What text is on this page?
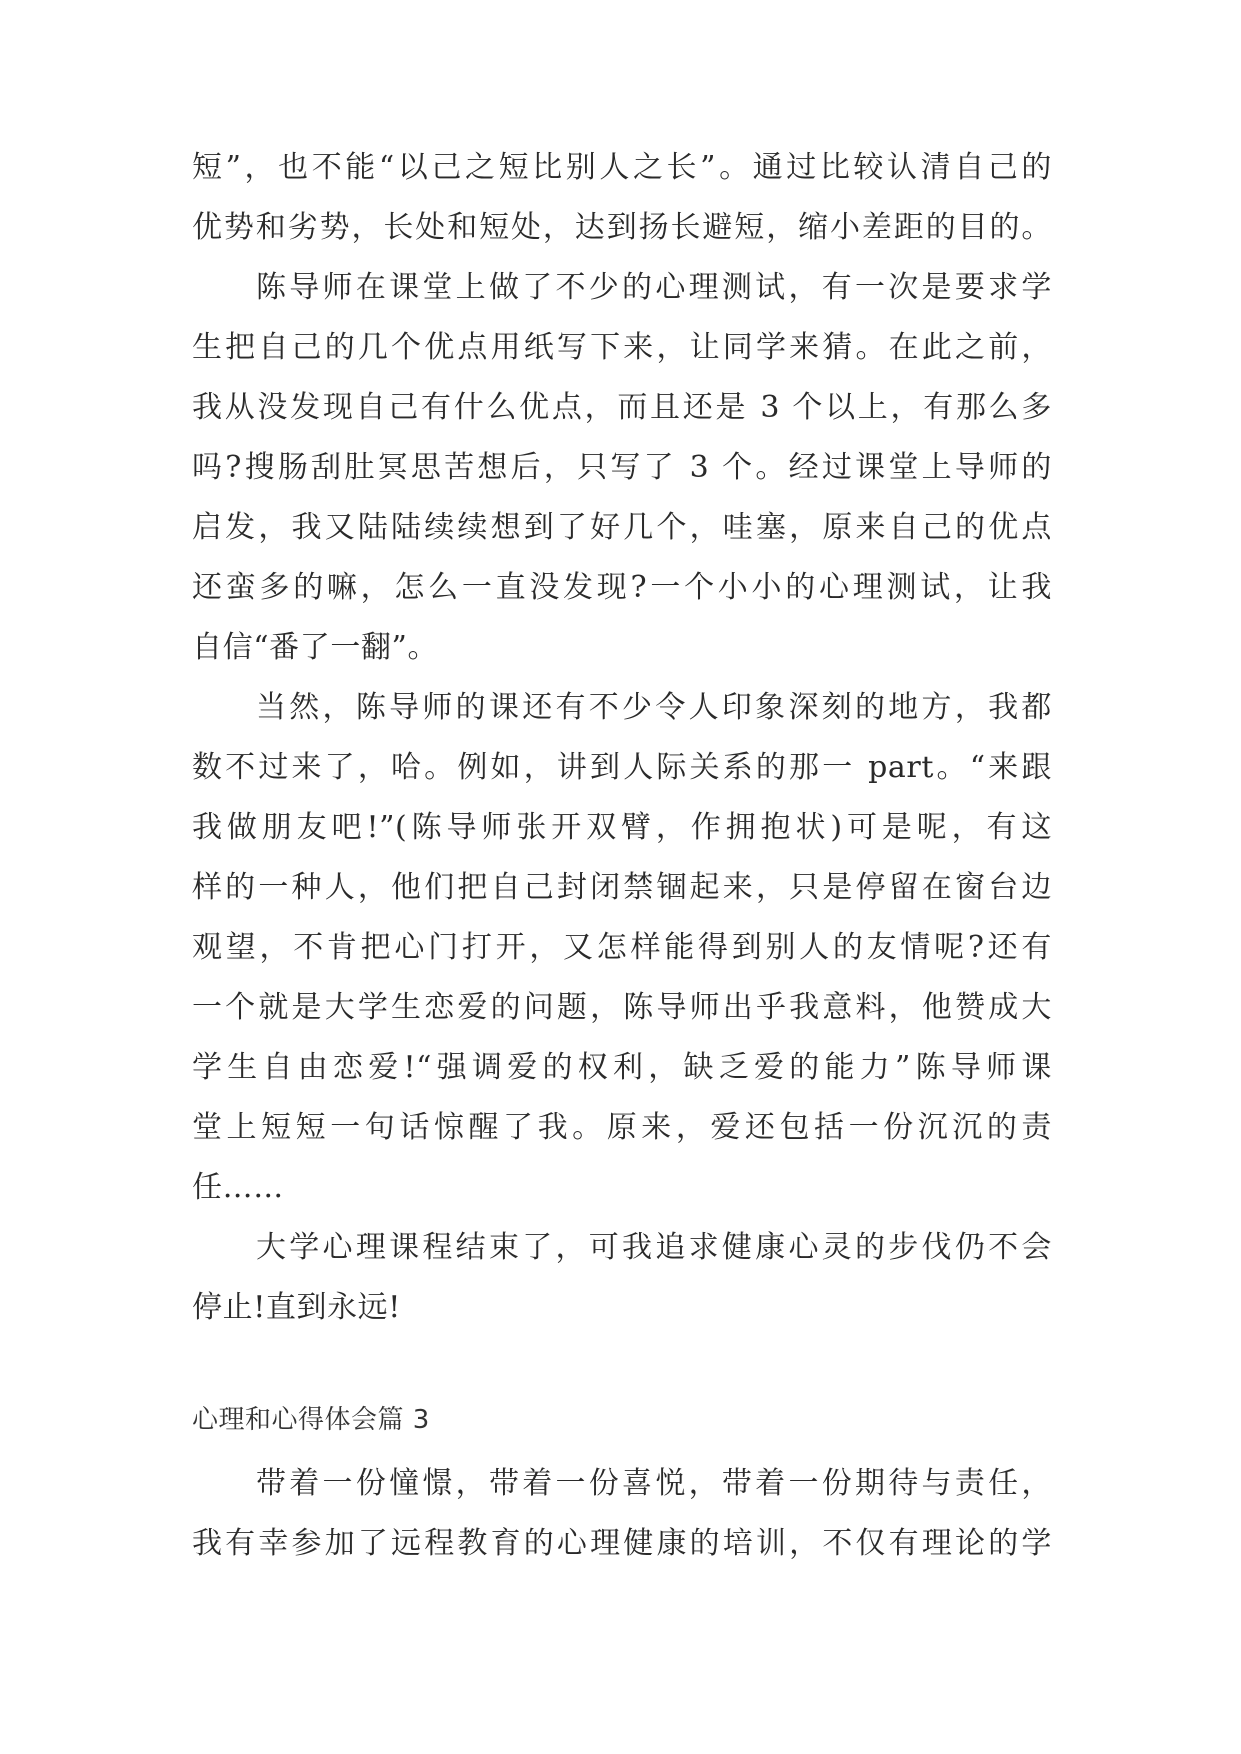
短”，也不能“以己之短比别人之长”。通过比较认清自己的
优势和劣势，长处和短处，达到扬长避短，缩小差距的目的。
陈导师在课堂上做了不少的心理测试，有一次是要求学
生把自己的几个优点用纸写下来，让同学来猜。在此之前，
我从没发现自己有什么优点，而且还是 3 个以上，有那么多
吗?搜肠刮肚冥思苦想后，只写了 3 个。经过课堂上导师的
启发，我又陆陆续续想到了好几个，哇塞，原来自己的优点
还蛮多的嘛，怎么一直没发现?一个小小的心理测试，让我
自信“番了一翻”。
当然，陈导师的课还有不少令人印象深刻的地方，我都
数不过来了，哈。例如，讲到人际关系的那一 part。“来跟
我做朋友吧!”(陈导师张开双臂，作拥抱状)可是呢，有这
样的一种人，他们把自己封闭禁锢起来，只是停留在窗台边
观望，不肯把心门打开，又怎样能得到别人的友情呢?还有
一个就是大学生恋爱的问题，陈导师出乎我意料，他赞成大
学生自由恋爱!“强调爱的权利，缺乏爱的能力”陈导师课
堂上短短一句话惊醒了我。原来，爱还包括一份沉沉的责
任……
大学心理课程结束了，可我追求健康心灵的步伐仍不会
停止!直到永远!
心理和心得体会篇 3
带着一份憧憬，带着一份喜悦，带着一份期待与责任，
我有幸参加了远程教育的心理健康的培训，不仅有理论的学
